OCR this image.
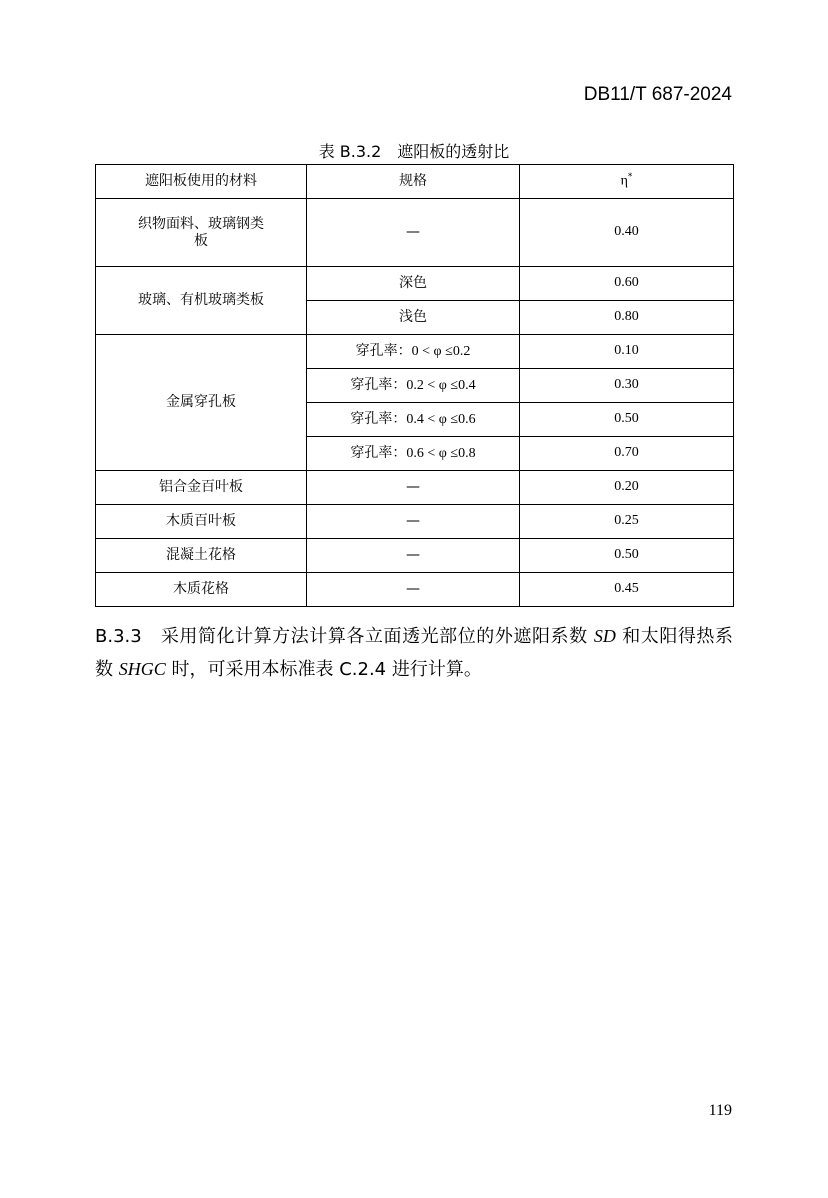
DB11/T 687-2024
表 B.3.2　遮阳板的透射比
遮阳板使用的材料	规格	η*
织物面料、玻璃钢类
板	—	0.40
玻璃、有机玻璃类板	深色	0.60
	浅色	0.80
金属穿孔板	穿孔率：0 < φ ≤0.2	0.10
	穿孔率：0.2 < φ ≤0.4	0.30
	穿孔率：0.4 < φ ≤0.6	0.50
	穿孔率：0.6 < φ ≤0.8	0.70
铝合金百叶板	—	0.20
木质百叶板	—	0.25
混凝土花格	—	0.50
木质花格	—	0.45
B.3.3　 采用简化计算方法计算各立面透光部位的外遮阳系数 SD 和太阳得热系数 SHGC 时，可采用本标准表 C.2.4 进行计算。
119
